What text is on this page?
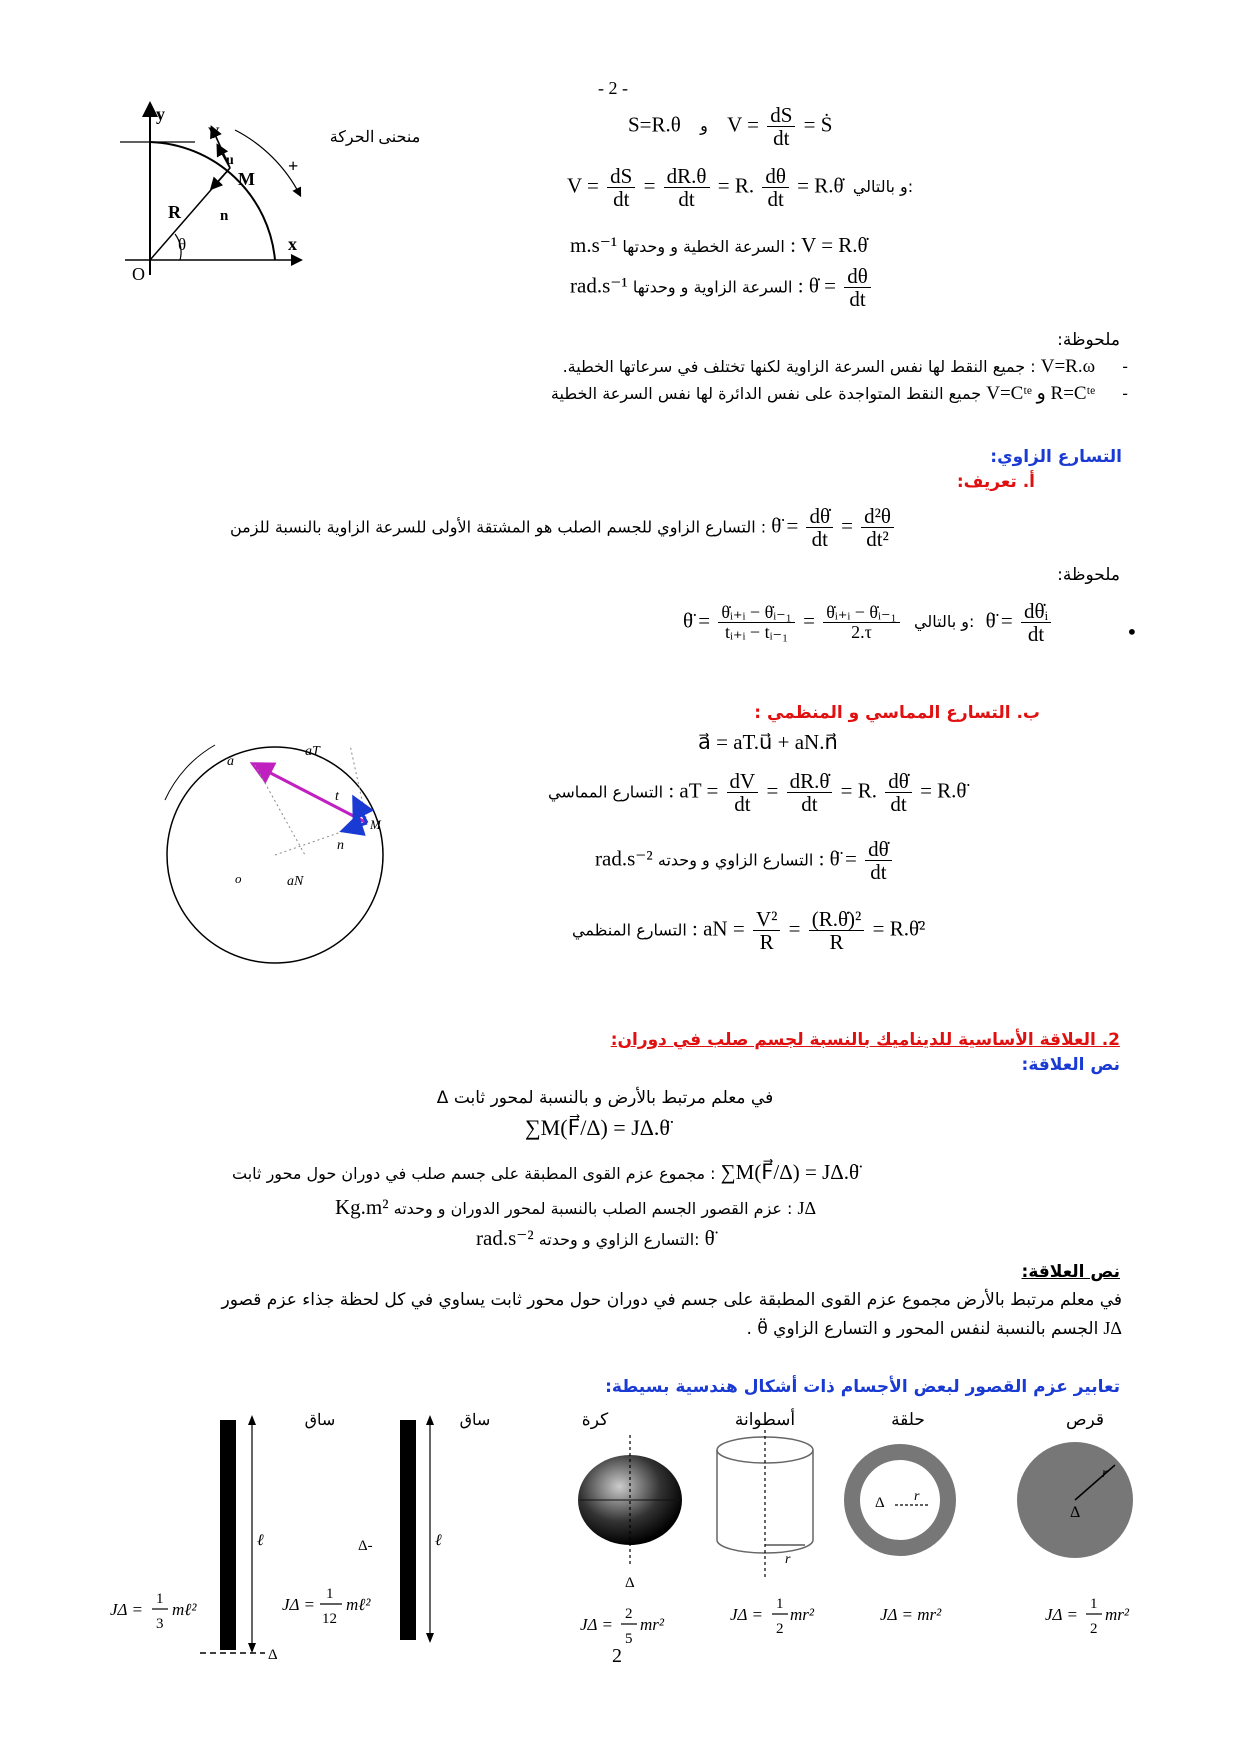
- 2 -
y
x
O
R
θ
M
V
u
n
+
منحنى الحركة
S=R.θ و $V = \frac{dS}{dt}$ = Ṡ
$V = \frac{dS}{dt} = \frac{dR.\theta}{dt} = R$. $\frac{d\theta}{dt}$ = R.θ̇ و بالتالي:
m.s⁻¹ السرعة الخطية و وحدتها : V = R.θ̇
rad.s⁻¹ السرعة الزاوية و وحدتها : θ̇ = $\frac{d\theta}{dt}$
ملحوظة:
: جميع النقط لها نفس السرعة الزاوية لكنها تختلف في سرعاتها الخطية. V=R.ω -
جميع النقط المتواجدة على نفس الدائرة لها نفس السرعة الخطية V=Cᵗᵉ و R=Cᵗᵉ -
التسارع الزاوي:
أ. تعريف:
: التسارع الزاوي للجسم الصلب هو المشتقة الأولى للسرعة الزاوية بالنسبة للزمن θ̈ = $\frac{d\thetȧ}{dt} = \frac{\text{d²θ}}{\text{dt²}}$
ملحوظة:
θ̈ = $\frac{\text{θ̇ᵢ₊ᵢ − θ̇ᵢ₋₁}}{\text{tᵢ₊ᵢ − tᵢ₋₁}} = \frac{\text{θ̇ᵢ₊ᵢ − θ̇ᵢ₋₁}}{2.\tau}$ و بالتالي: θ̈ = $\frac{\text{dθ̇ᵢ}}{dt}$	•
a
aT
t
n
M
o	aN
ب. التسارع المماسي و المنظمي :
a⃗ = aT.u⃗ + aN.n⃗
التسارع المماسي : aT = $\frac{dV}{dt} = \frac{dR.\thetȧ}{dt} = R$. $\frac{d\thetȧ}{dt}$ = R.θ̈
rad.s⁻² التسارع الزاوي و وحدته : θ̈ = $\frac{d\thetȧ}{dt}$
التسارع المنظمي : aN = $\frac{\text{V²}}{R} = \frac{\text{(R.θ̇)²}}{R}$ = R.θ̇²
2. العلاقة الأساسية للديناميك بالنسبة لجسم صلب في دوران:
نص العلاقة:
في معلم مرتبط بالأرض و بالنسبة لمحور ثابت Δ
∑M(F⃗/Δ) = JΔ.θ̈
: مجموع عزم القوى المطبقة على جسم صلب في دوران حول محور ثابت ∑M(F⃗/Δ) = JΔ.θ̈
Kg.m² : عزم القصور الجسم الصلب بالنسبة لمحور الدوران و وحدته JΔ
rad.s⁻² :التسارع الزاوي و وحدته θ̈
نص العلاقة:
في معلم مرتبط بالأرض مجموع عزم القوى المطبقة على جسم في دوران حول محور ثابت يساوي في كل لحظة جذاء عزم قصور
الجسم بالنسبة لنفس المحور و التسارع الزاوي θ̈ . JΔ
تعابير عزم القصور لبعض الأجسام ذات أشكال هندسية بسيطة:
قرص
r
Δ
JΔ =
1
2
mr²
حلقة
r
Δ
JΔ = mr²
أسطوانة
r
JΔ =
1
2
mr²
كرة
Δ
JΔ =
2
5
mr²
ساق
ℓ
Δ-
JΔ =
1
12
mℓ²
ساق
ℓ
Δ
JΔ =
1
3
mℓ²
2
